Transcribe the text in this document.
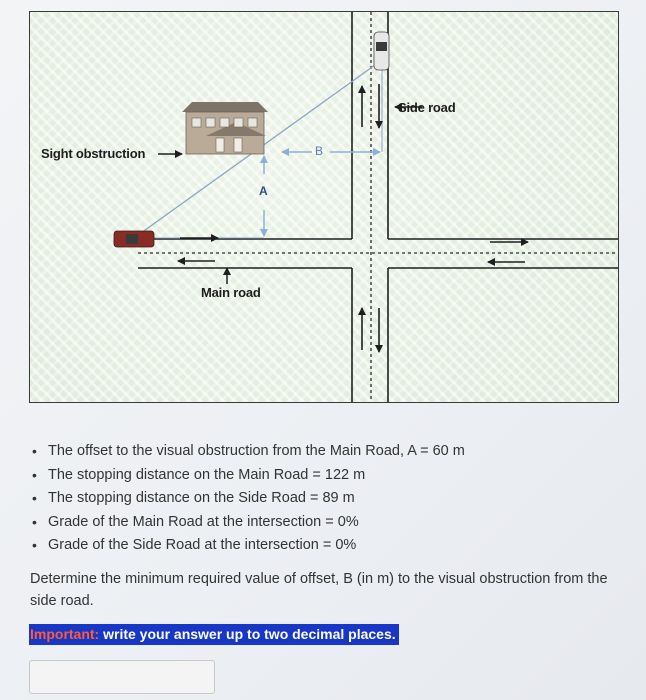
Side road
Sight obstruction
Main road
A
B
• The offset to the visual obstruction from the Main Road, A = 60 m
• The stopping distance on the Main Road = 122 m
• The stopping distance on the Side Road = 89 m
• Grade of the Main Road at the intersection = 0%
• Grade of the Side Road at the intersection = 0%
Determine the minimum required value of offset, B (in m) to the visual obstruction from the side road.
Important: write your answer up to two decimal places.
